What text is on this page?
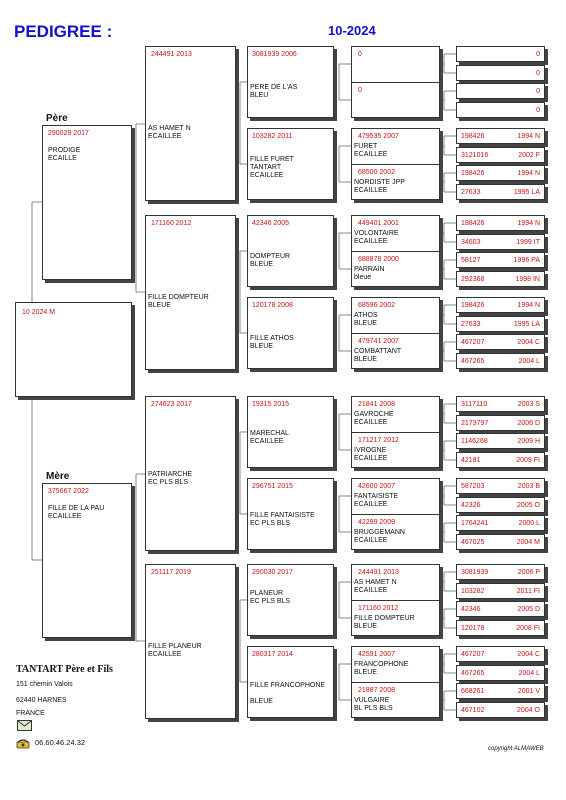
PEDIGREE :	10-2024
10 2024 M
Père
Mère
290029 2017
PRODIGE
ECAILLE
375667 2022
FILLE DE LA PAU
ECAILLEE
244491 2013
AS HAMET N
ECAILLEE
171160 2012
FILLE DOMPTEUR
BLEUE
274623 2017
PATRIARCHE
EC PLS BLS
251117 2019
FILLE PLANEUR
ECAILLEE
3081939 2006
PERE DE L'AS
BLEU
103282 2011
FILLE FURET
TANTART
ECAILLEE
42346 2005
DOMPTEUR
BLEUE
120178 2008
FILLE ATHOS
BLEUE
19315 2015
MARECHAL
ECAILLEE
296751 2015
FILLE FANTAISISTE
EC PLS BLS
290030 2017
PLANEUR
EC PLS BLS
280317 2014
FILLE FRANCOPHONE

BLEUE
0
0
479535 2007
FURET
ECAILLEE
68500 2002
NORDISTE JPP
ECAILLEE
449401 2001
VOLONTAIRE
ECAILLEE
688878 2000
PARRAIN
bleue
68596 2002
ATHOS
BLEUE
479741 2007
COMBATTANT
BLEUE
21841 2008
GAVROCHE
ECAILLEE
171217 2012
IVROGNE
ECAILLEE
42600 2007
FANTAISISTE
ECAILLEE
42299 2009
BRUGGEMANN
ECAILLEE
244491 2013
AS HAMET N
ECAILLEE
171160 2012
FILLE DOMPTEUR
BLEUE
42591 2007
FRANCOPHONE
BLEUE
21887 2008
VULGAIRE
BL PLS BLS
0
0
0
0
198426	1994 N
3121016	2002 F
198426	1994 N
27633	1995 LA
198426	1994 N
34603	1999 IT
58127	1996 PA
292368	1998 IN
198426	1994 N
27633	1995 LA
467207	2004 C
467265	2004 L
3117110	2003 S
2173797	2006 D
1146268	2009 H
42181	2009 FI
587203	2003 B
42326	2005 O
1764241	2000 L
467025	2004 M
3081939	2006 P
103282	2011 FI
42346	2005 D
120178	2008 FI
467207	2004 C
467265	2004 L
668261	2001 V
467102	2004 O
TANTART Père et Fils
151 chemin Valois
62440 HARNES
FRANCE
06.60.46.24.32
copyright ALMAWEB
